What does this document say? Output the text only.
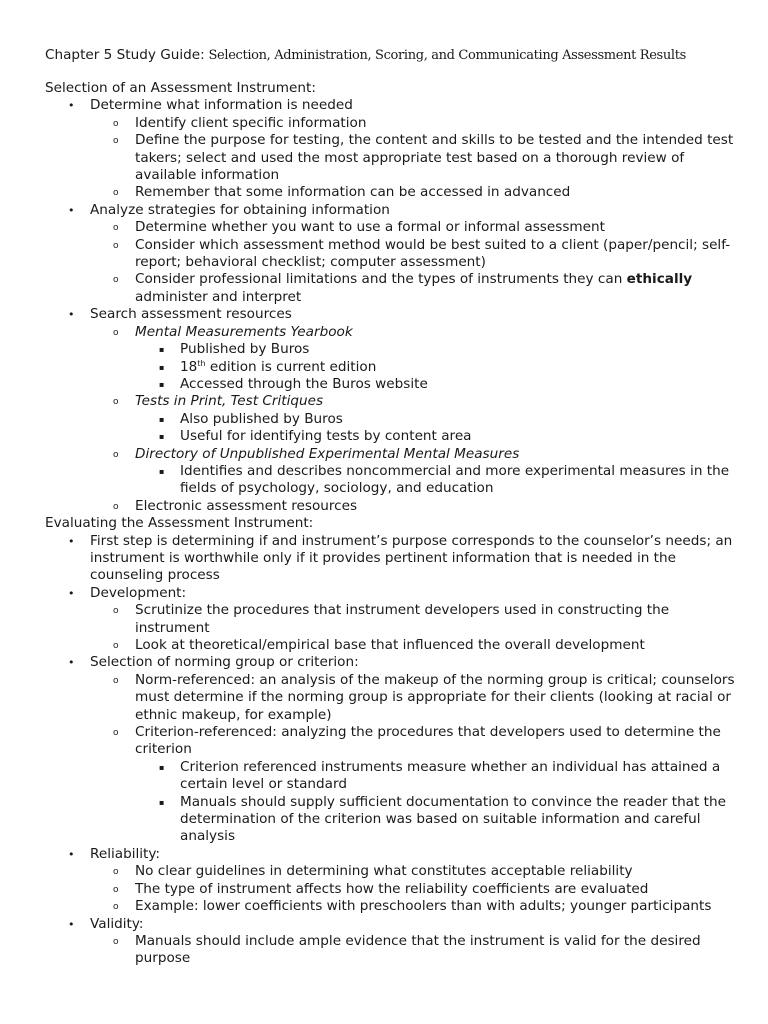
Chapter 5 Study Guide: Selection, Administration, Scoring, and Communicating Assessment Results
Selection of an Assessment Instrument:
• Determine what information is needed
o Identify client specific information
o Define the purpose for testing, the content and skills to be tested and the intended test takers; select and used the most appropriate test based on a thorough review of available information
o Remember that some information can be accessed in advanced
• Analyze strategies for obtaining information
o Determine whether you want to use a formal or informal assessment
o Consider which assessment method would be best suited to a client (paper/pencil; self-report; behavioral checklist; computer assessment)
o Consider professional limitations and the types of instruments they can ethically administer and interpret
• Search assessment resources
o Mental Measurements Yearbook
▪ Published by Buros
▪ 18th edition is current edition
▪ Accessed through the Buros website
o Tests in Print, Test Critiques
▪ Also published by Buros
▪ Useful for identifying tests by content area
o Directory of Unpublished Experimental Mental Measures
▪ Identifies and describes noncommercial and more experimental measures in the fields of psychology, sociology, and education
o Electronic assessment resources
Evaluating the Assessment Instrument:
• First step is determining if and instrument’s purpose corresponds to the counselor’s needs; an instrument is worthwhile only if it provides pertinent information that is needed in the counseling process
• Development:
o Scrutinize the procedures that instrument developers used in constructing the instrument
o Look at theoretical/empirical base that influenced the overall development
• Selection of norming group or criterion:
o Norm-referenced: an analysis of the makeup of the norming group is critical; counselors must determine if the norming group is appropriate for their clients (looking at racial or ethnic makeup, for example)
o Criterion-referenced: analyzing the procedures that developers used to determine the criterion
▪ Criterion referenced instruments measure whether an individual has attained a certain level or standard
▪ Manuals should supply sufficient documentation to convince the reader that the determination of the criterion was based on suitable information and careful analysis
• Reliability:
o No clear guidelines in determining what constitutes acceptable reliability
o The type of instrument affects how the reliability coefficients are evaluated
o Example: lower coefficients with preschoolers than with adults; younger participants
• Validity:
o Manuals should include ample evidence that the instrument is valid for the desired purpose
